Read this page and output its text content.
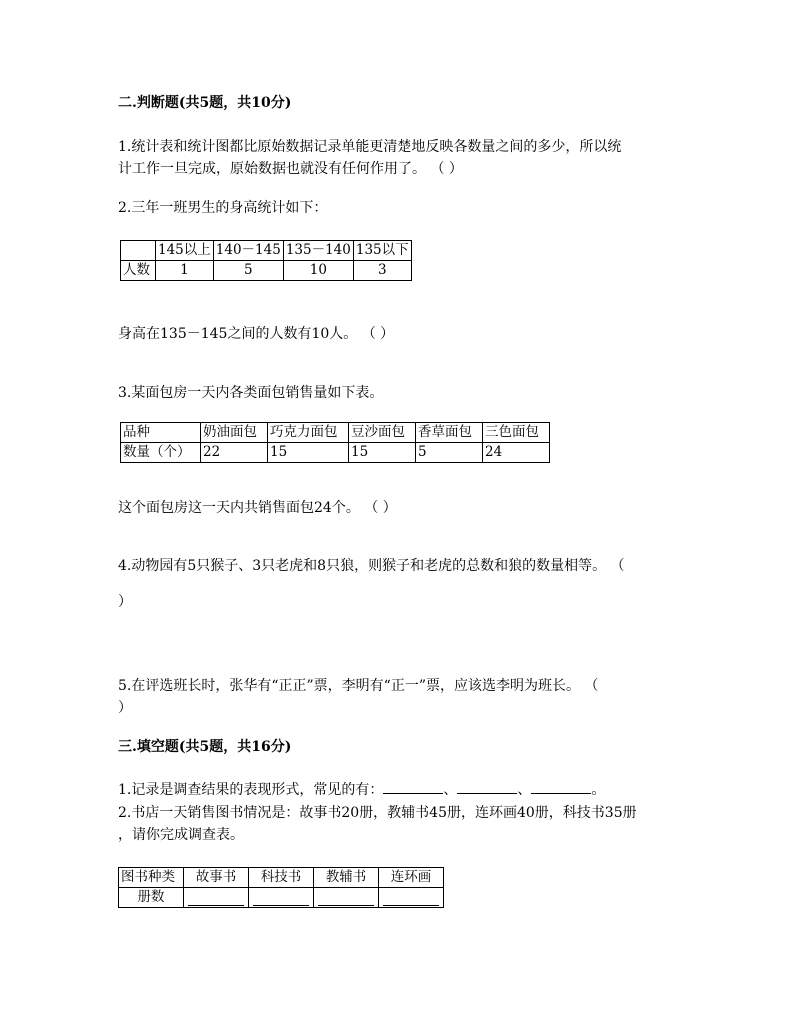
二.判断题(共5题，共10分)
1.统计表和统计图都比原始数据记录单能更清楚地反映各数量之间的多少，所以统
计工作一旦完成，原始数据也就没有任何作用了。 （ ）
2.三年一班男生的身高统计如下：
	145以上	140－145	135－140	135以下
人数	1	5	10	3
身高在135－145之间的人数有10人。 （ ）
3.某面包房一天内各类面包销售量如下表。
品种	奶油面包	巧克力面包	豆沙面包	香草面包	三色面包
数量（个）	22	15	15	5	24
这个面包房这一天内共销售面包24个。 （ ）
4.动物园有5只猴子、3只老虎和8只狼，则猴子和老虎的总数和狼的数量相等。 （
）
5.在评选班长时，张华有“正正”票，李明有“正一”票，应该选李明为班长。 （
）
三.填空题(共5题，共16分)
1.记录是调查结果的表现形式，常见的有：	、	、	。
2.书店一天销售图书情况是：故事书20册，教辅书45册，连环画40册，科技书35册
，请你完成调查表。
图书种类	故事书	科技书	教辅书	连环画
册数	
